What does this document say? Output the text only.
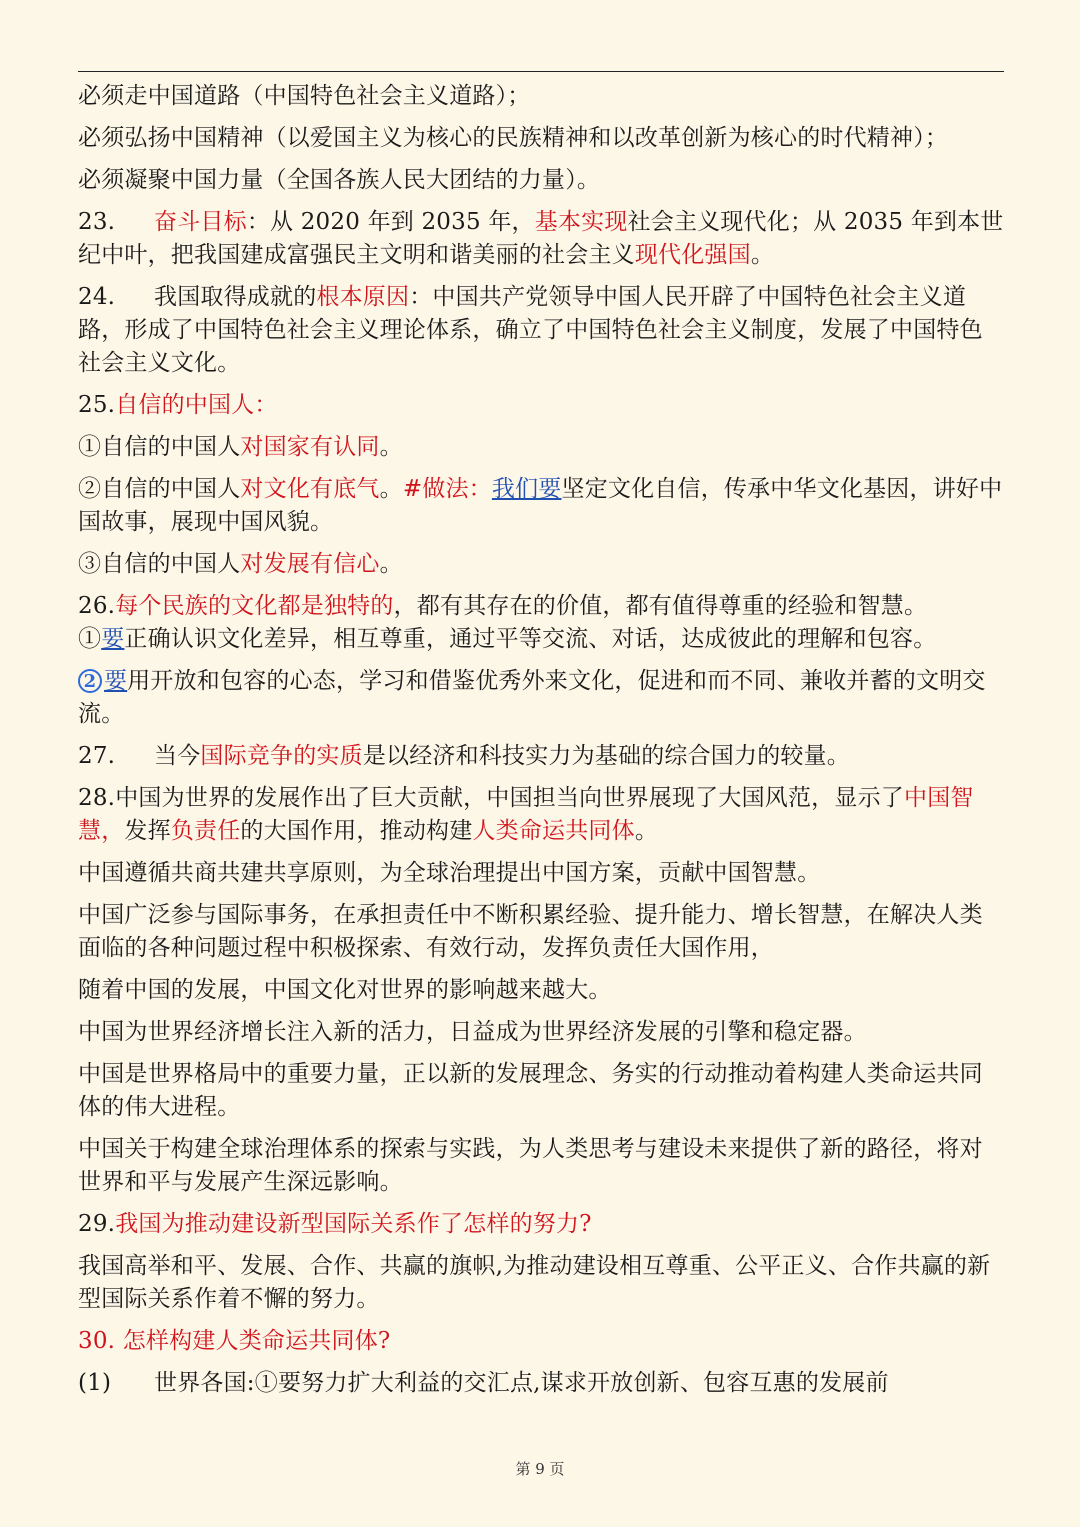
必须走中国道路（中国特色社会主义道路）；

必须弘扬中国精神（以爱国主义为核心的民族精神和以改革创新为核心的时代精神）；

必须凝聚中国力量（全国各族人民大团结的力量）。

23. 奋斗目标：从 2020 年到 2035 年，基本实现社会主义现代化；从 2035 年到本世纪中叶，把我国建成富强民主文明和谐美丽的社会主义现代化强国。

24. 我国取得成就的根本原因：中国共产党领导中国人民开辟了中国特色社会主义道路，形成了中国特色社会主义理论体系，确立了中国特色社会主义制度，发展了中国特色社会主义文化。

25.自信的中国人：

①自信的中国人对国家有认同。

②自信的中国人对文化有底气。#做法：我们要坚定文化自信，传承中华文化基因，讲好中国故事，展现中国风貌。

③自信的中国人对发展有信心。

26.每个民族的文化都是独特的，都有其存在的价值，都有值得尊重的经验和智慧。

①要正确认识文化差异，相互尊重，通过平等交流、对话，达成彼此的理解和包容。

2 要用开放和包容的心态，学习和借鉴优秀外来文化，促进和而不同、兼收并蓄的文明交流。

27. 当今国际竞争的实质是以经济和科技实力为基础的综合国力的较量。

28.中国为世界的发展作出了巨大贡献，中国担当向世界展现了大国风范，显示了中国智慧，发挥负责任的大国作用，推动构建人类命运共同体。

中国遵循共商共建共享原则，为全球治理提出中国方案，贡献中国智慧。

中国广泛参与国际事务，在承担责任中不断积累经验、提升能力、增长智慧，在解决人类面临的各种问题过程中积极探索、有效行动，发挥负责任大国作用，

随着中国的发展，中国文化对世界的影响越来越大。

中国为世界经济增长注入新的活力，日益成为世界经济发展的引擎和稳定器。

中国是世界格局中的重要力量，正以新的发展理念、务实的行动推动着构建人类命运共同体的伟大进程。

中国关于构建全球治理体系的探索与实践，为人类思考与建设未来提供了新的路径，将对世界和平与发展产生深远影响。

29.我国为推动建设新型国际关系作了怎样的努力?

我国高举和平、发展、合作、共赢的旗帜,为推动建设相互尊重、公平正义、合作共赢的新型国际关系作着不懈的努力。

30. 怎样构建人类命运共同体?

(1) 世界各国:①要努力扩大利益的交汇点,谋求开放创新、包容互惠的发展前

第 9 页
